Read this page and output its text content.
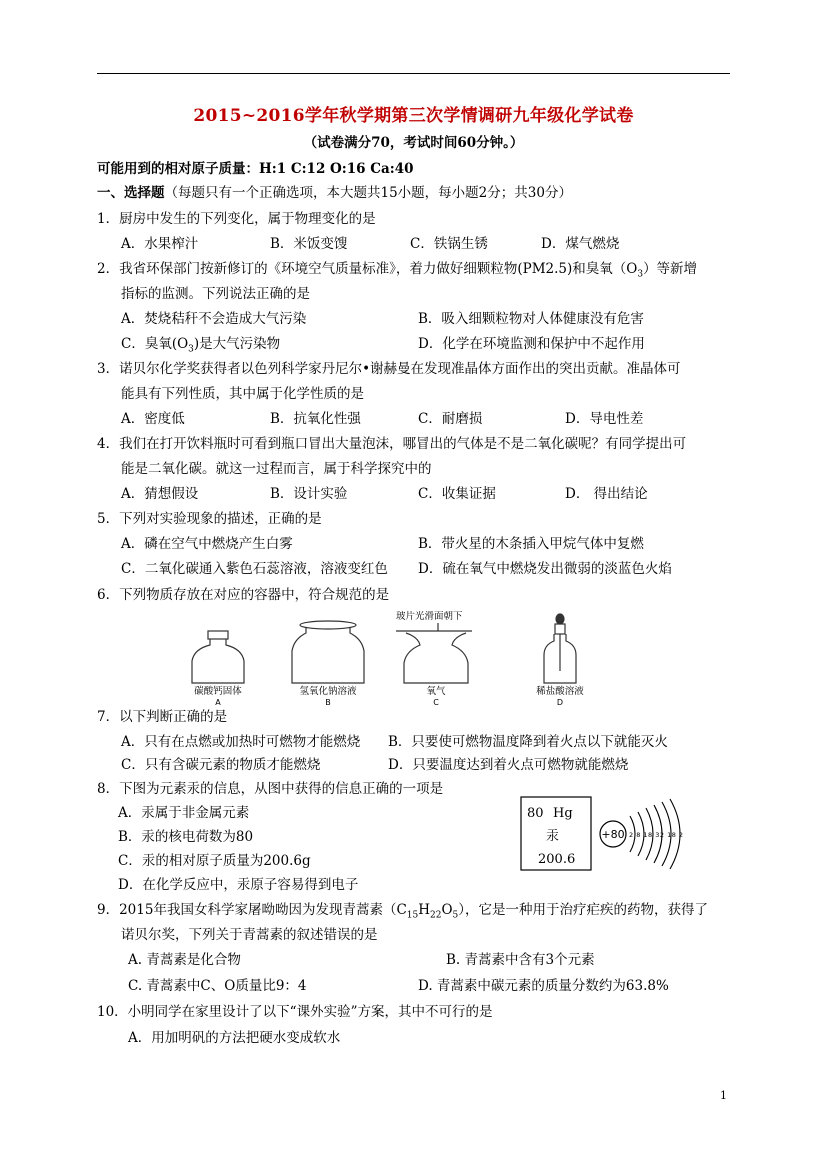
2015~2016学年秋学期第三次学情调研九年级化学试卷
（试卷满分70，考试时间60分钟。）
可能用到的相对原子质量：H:1 C:12 O:16 Ca:40
一、选择题（每题只有一个正确选项，本大题共15小题，每小题2分；共30分）
1．厨房中发生的下列变化，属于物理变化的是
A．水果榨汁	B．米饭变馊	C．铁锅生锈	D．煤气燃烧
2．我省环保部门按新修订的《环境空气质量标准》，着力做好细颗粒物(PM2.5)和臭氧$(O_3)$等新增
指标的监测。下列说法正确的是
A．焚烧秸秆不会造成大气污染	B．吸入细颗粒物对人体健康没有危害
C．臭氧$(O_3)$是大气污染物	D．化学在环境监测和保护中不起作用
3．诺贝尔化学奖获得者以色列科学家丹尼尔•谢赫曼在发现准晶体方面作出的突出贡献。准晶体可
能具有下列性质，其中属于化学性质的是
A．密度低	B．抗氧化性强	C．耐磨损	D．导电性差
4．我们在打开饮料瓶时可看到瓶口冒出大量泡沫，哪冒出的气体是不是二氧化碳呢？有同学提出可
能是二氧化碳。就这一过程而言，属于科学探究中的
A．猜想假设	B．设计实验	C．收集证据	D． 得出结论
5．下列对实验现象的描述，正确的是
A．磷在空气中燃烧产生白雾	B．带火星的木条插入甲烷气体中复燃
C．二氧化碳通入紫色石蕊溶液，溶液变红色 D．硫在氧气中燃烧发出微弱的淡蓝色火焰
6．下列物质存放在对应的容器中，符合规范的是
玻片光滑面朝下
碳酸钙固体	氢氧化钠溶液	氧气	稀盐酸溶液
A	B	C	D
7．以下判断正确的是
A．只有在点燃或加热时可燃物才能燃烧 B．只要使可燃物温度降到着火点以下就能灭火
C．只有含碳元素的物质才能燃烧	D．只要温度达到着火点可燃物就能燃烧
8．下图为元素汞的信息，从图中获得的信息正确的一项是
A．汞属于非金属元素
B．汞的核电荷数为80
C．汞的相对原子质量为200.6g
D．在化学反应中，汞原子容易得到电子
80 Hg
汞
200.6
+80 2 8 18 32 18 2
9．2015年我国女科学家屠呦呦因为发现青蒿素$(C_{15}H_{22}O_5)$，它是一种用于治疗疟疾的药物，获得了
诺贝尔奖，下列关于青蒿素的叙述错误的是
A. 青蒿素是化合物	B. 青蒿素中含有3个元素
C. 青蒿素中C、O质量比9：4	D. 青蒿素中碳元素的质量分数约为63.8%
10．小明同学在家里设计了以下“课外实验”方案，其中不可行的是
A．用加明矾的方法把硬水变成软水
1
